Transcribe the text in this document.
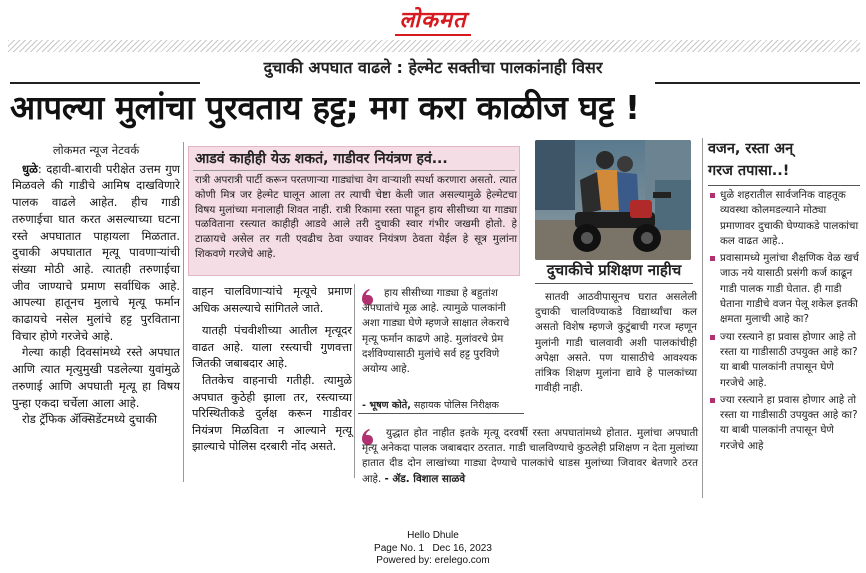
लोकमत
दुचाकी अपघात वाढले : हेल्मेट सक्तीचा पालकांनाही विसर
आपल्या मुलांचा पुरवताय हट्ट; मग करा काळीज घट्ट !
लोकमत न्यूज नेटवर्क

धुळे: दहावी-बारावी परीक्षेत उत्तम गुण मिळवले की गाडीचे आमिष दाखविणारे पालक वाढले आहेत. हीच गाडी तरुणाईचा घात करत असल्याच्या घटना रस्ते अपघातात पाहायला मिळतात. दुचाकी अपघातात मृत्यू पावणाऱ्यांची संख्या मोठी आहे. त्यातही तरुणाईचा जीव जाण्याचे प्रमाण सर्वाधिक आहे. आपल्या हातूनच मुलाचे मृत्यू फर्मान काढायचे नसेल मुलांचे हट्ट पुरविताना विचार होणे गरजेचे आहे.

गेल्या काही दिवसांमध्ये रस्ते अपघात आणि त्यात मृत्युमुखी पडलेल्या युवांमुळे तरुणाई आणि अपघाती मृत्यू हा विषय पुन्हा एकदा चर्चेला आला आहे.

रोड ट्रॅफिक ॲक्सिडेंटमध्ये दुचाकी

आडवं काहीही येऊ शकतं, गाडीवर नियंत्रण हवं...
रात्री अपरात्री पार्टी करून परतणाऱ्या गाड्यांचा वेग वाऱ्याशी स्पर्धा करणारा असतो. त्यात कोणी मित्र जर हेल्मेट घालून आला तर त्याची चेष्टा केली जात असल्यामुळे हेल्मेटचा विषय मुलांच्या मनालाही शिवत नाही. रात्री रिकामा रस्ता पाहून हाय सीसीच्या या गाड्या पळविताना रस्त्यात काहीही आडवे आले तरी दुचाकी स्वार गंभीर जखमी होतो. हे टाळायचे असेल तर गती एवढीच ठेवा ज्यावर नियंत्रण ठेवता येईल हे सूत्र मुलांना शिकवणे गरजेचे आहे.
दुचाकीचे प्रशिक्षण नाहीच

वाहन चालविणाऱ्यांचे मृत्यूचे प्रमाण अधिक असल्याचे सांगितले जाते.

यातही पंचवीशीच्या आतील मृत्यूदर वाढत आहे. याला रस्त्याची गुणवत्ता जितकी जबाबदार आहे.

तितकेच वाहनाची गतीही. त्यामुळे अपघात कुठेही झाला तर, रस्त्याच्या परिस्थितीकडे दुर्लक्ष करून गाडीवर नियंत्रण मिळविता न आल्याने मृत्यू झाल्याचे पोलिस दरबारी नोंद असते.

हाय सीसीच्या गाड्या हे बहुतांश अपघातांचे मूळ आहे. त्यामुळे पालकांनी अशा गाड्या घेणे म्हणजे साक्षात लेकराचे मृत्यू फर्मान काढणे आहे. मुलांवरचे प्रेम दर्शविण्यासाठी मुलांचे सर्व हट्ट पुरविणे अयोग्य आहे.
- भूषण कोते, सहायक पोलिस निरीक्षक
सातवी आठवीपासूनच घरात असलेली दुचाकी चालविण्याकडे विद्यार्थ्यांचा कल असतो विशेष म्हणजे कुटुंबाची गरज म्हणून मुलांनी गाडी चालवावी अशी पालकांचीही अपेक्षा असते. पण यासाठीचे आवश्यक तांत्रिक शिक्षण मुलांना द्यावे हे पालकांच्या गावीही नाही.
युद्धात होत नाहीत इतके मृत्यू दरवर्षी रस्ता अपघातांमध्ये होतात. मुलांचा अपघाती मृत्यू अनेकदा पालक जबाबदार ठरतात. गाडी चालविण्याचे कुठलेही प्रशिक्षण न देता मुलांच्या हातात दीड दोन लाखांच्या गाड्या देण्याचे पालकांचे धाडस मुलांच्या जिवावर बेतणारे ठरत आहे. - ॲड. विशाल साळवे
वजन, रस्ता अन्
गरज तपासा..!
धुळे शहरातील सार्वजनिक वाहतूक व्यवस्था कोलमडल्याने मोठ्या प्रमाणावर दुचाकी घेण्याकडे पालकांचा कल वाढत आहे..
प्रवासामध्ये मुलांचा शैक्षणिक वेळ खर्च जाऊ नये यासाठी प्रसंगी कर्ज काढून गाडी पालक गाडी घेतात. ही गाडी घेताना गाडीचे वजन पेलू शकेल इतकी क्षमता मुलाची आहे का?
ज्या रस्त्याने हा प्रवास होणार आहे तो रस्ता या गाडीसाठी उपयुक्त आहे का? या बाबी पालकांनी तपासून घेणे गरजेचे आहे.
ज्या रस्त्याने हा प्रवास होणार आहे तो रस्ता या गाडीसाठी उपयुक्त आहे का? या बाबी पालकांनी तपासून घेणे गरजेचे आहे
Hello Dhule
Page No. 1 Dec 16, 2023
Powered by: erelego.com
